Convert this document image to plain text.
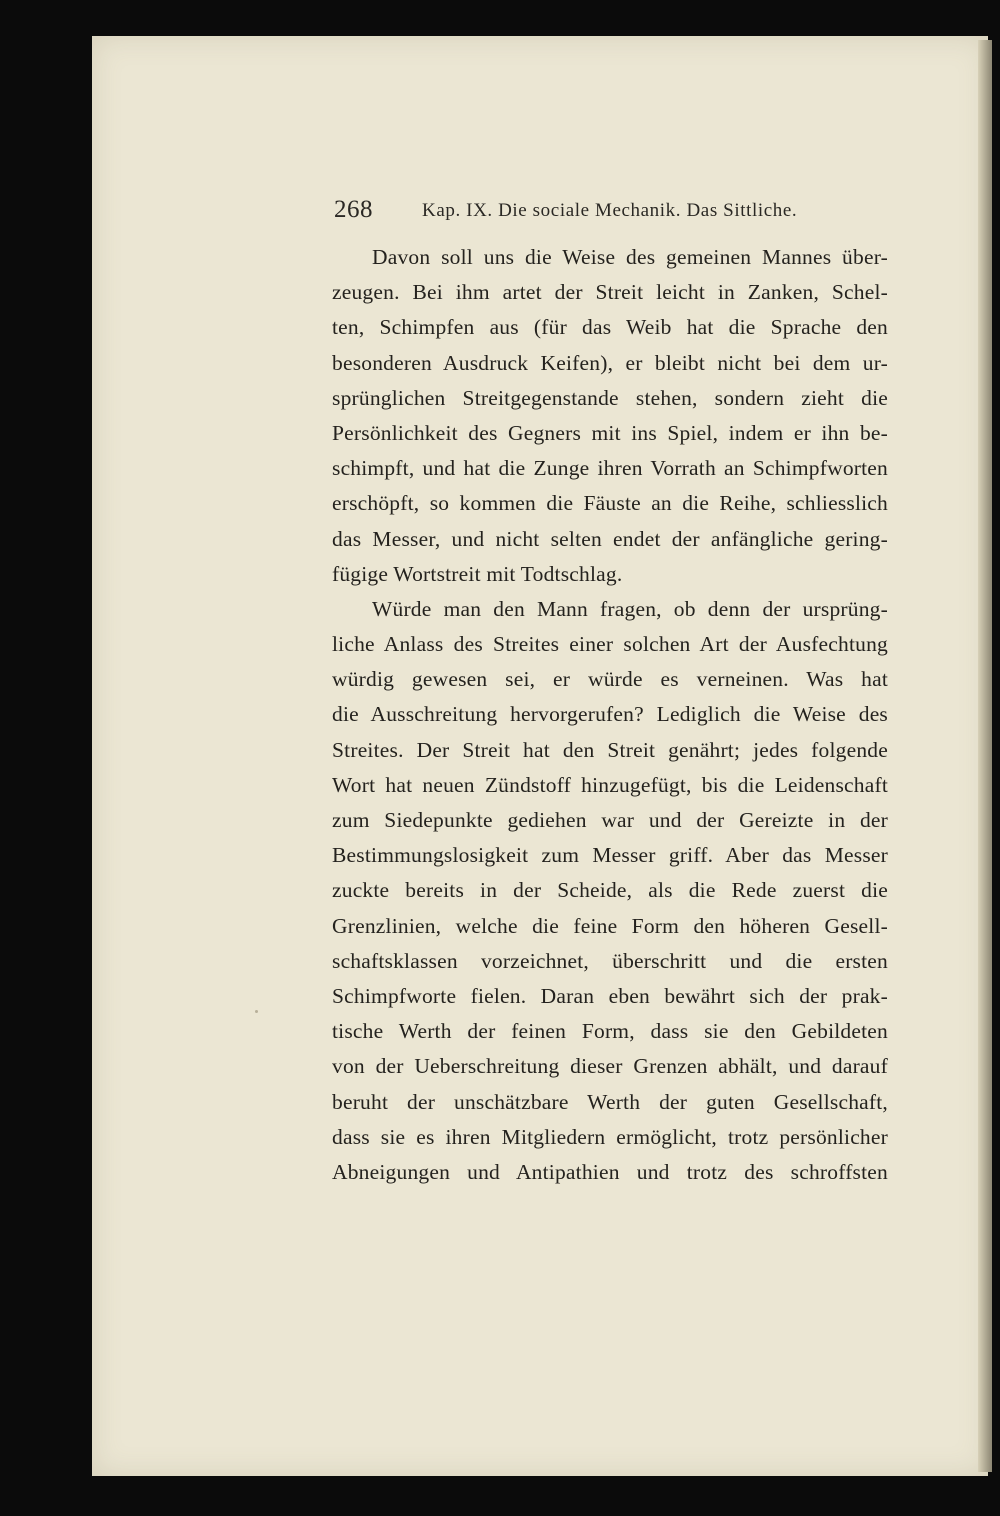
268	Kap. IX. Die sociale Mechanik. Das Sittliche.
Davon soll uns die Weise des gemeinen Mannes über-
zeugen. Bei ihm artet der Streit leicht in Zanken, Schel-
ten, Schimpfen aus (für das Weib hat die Sprache den
besonderen Ausdruck Keifen), er bleibt nicht bei dem ur-
sprünglichen Streitgegenstande stehen, sondern zieht die
Persönlichkeit des Gegners mit ins Spiel, indem er ihn be-
schimpft, und hat die Zunge ihren Vorrath an Schimpfworten
erschöpft, so kommen die Fäuste an die Reihe, schliesslich
das Messer, und nicht selten endet der anfängliche gering-
fügige Wortstreit mit Todtschlag.
Würde man den Mann fragen, ob denn der ursprüng-
liche Anlass des Streites einer solchen Art der Ausfechtung
würdig gewesen sei, er würde es verneinen. Was hat
die Ausschreitung hervorgerufen? Lediglich die Weise des
Streites. Der Streit hat den Streit genährt; jedes folgende
Wort hat neuen Zündstoff hinzugefügt, bis die Leidenschaft
zum Siedepunkte gediehen war und der Gereizte in der
Bestimmungslosigkeit zum Messer griff. Aber das Messer
zuckte bereits in der Scheide, als die Rede zuerst die
Grenzlinien, welche die feine Form den höheren Gesell-
schaftsklassen vorzeichnet, überschritt und die ersten
Schimpfworte fielen. Daran eben bewährt sich der prak-
tische Werth der feinen Form, dass sie den Gebildeten
von der Ueberschreitung dieser Grenzen abhält, und darauf
beruht der unschätzbare Werth der guten Gesellschaft,
dass sie es ihren Mitgliedern ermöglicht, trotz persönlicher
Abneigungen und Antipathien und trotz des schroffsten
